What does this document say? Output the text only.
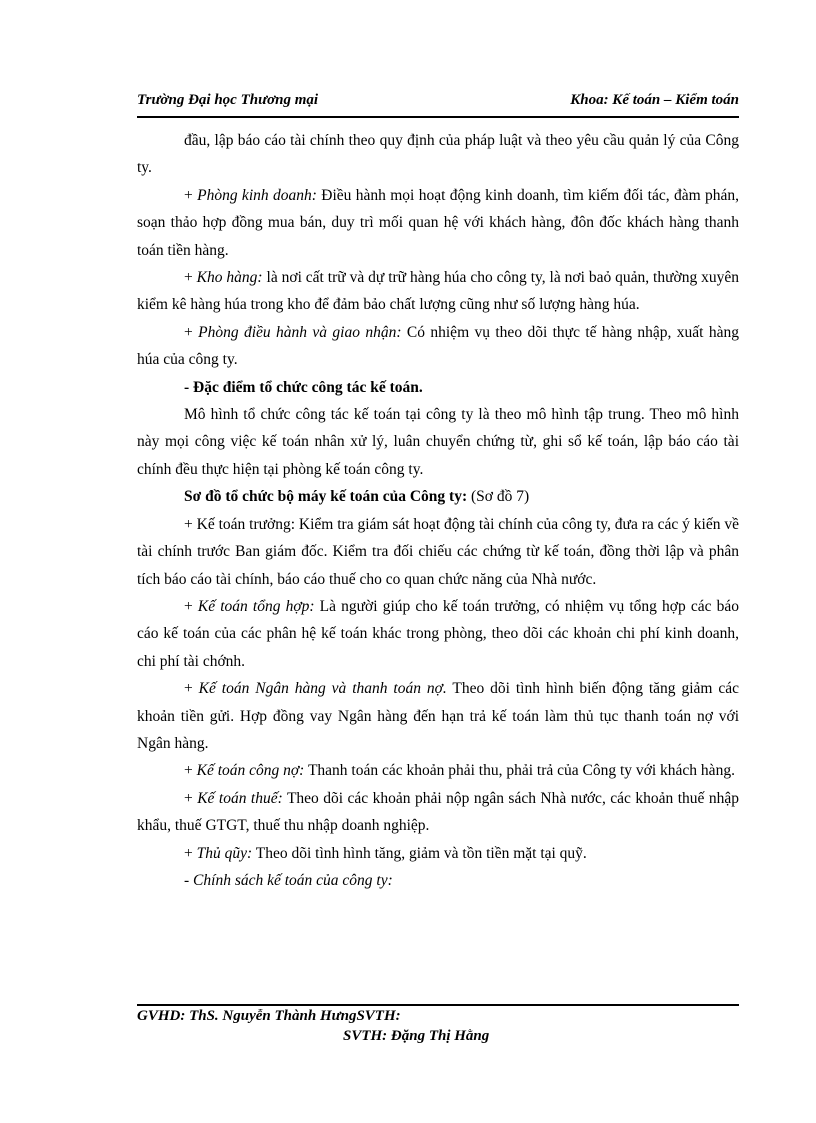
Trường Đại học Thương mại	Khoa: Kế toán – Kiểm toán

đầu, lập báo cáo tài chính theo quy định của pháp luật và theo yêu cầu quản lý của Công ty.

+ Phòng kinh doanh: Điều hành mọi hoạt động kinh doanh, tìm kiếm đối tác, đàm phán, soạn thảo hợp đồng mua bán, duy trì mối quan hệ với khách hàng, đôn đốc khách hàng thanh toán tiền hàng.

+ Kho hàng: là nơi cất trữ và dự trữ hàng húa cho công ty, là nơi baỏ quản, thường xuyên kiểm kê hàng húa trong kho để đảm bảo chất lượng cũng như số lượng hàng húa.

+ Phòng điều hành và giao nhận: Có nhiệm vụ theo dõi thực tế hàng nhập, xuất hàng húa của công ty.

- Đặc điểm tổ chức công tác kế toán.

Mô hình tổ chức công tác kế toán tại công ty là theo mô hình tập trung. Theo mô hình này mọi công việc kế toán nhân xử lý, luân chuyển chứng từ, ghi sổ kế toán, lập báo cáo tài chính đều thực hiện tại phòng kế toán công ty.

Sơ đồ tổ chức bộ máy kế toán của Công ty: (Sơ đồ 7)

+ Kế toán trưởng: Kiểm tra giám sát hoạt động tài chính của công ty, đưa ra các ý kiến về tài chính trước Ban giám đốc. Kiểm tra đối chiếu các chứng từ kế toán, đồng thời lập và phân tích báo cáo tài chính, báo cáo thuế cho co quan chức năng của Nhà nước.

+ Kế toán tổng hợp: Là người giúp cho kế toán trưởng, có nhiệm vụ tổng hợp các báo cáo kế toán của các phân hệ kế toán khác trong phòng, theo dõi các khoản chi phí kinh doanh, chi phí tài chớnh.

+ Kế toán Ngân hàng và thanh toán nợ. Theo dõi tình hình biến động tăng giảm các khoản tiền gửi. Hợp đồng vay Ngân hàng đến hạn trả kế toán làm thủ tục thanh toán nợ với Ngân hàng.

+ Kế toán công nợ: Thanh toán các khoản phải thu, phải trả của Công ty với khách hàng.

+ Kế toán thuế: Theo dõi các khoản phải nộp ngân sách Nhà nước, các khoản thuế nhập khẩu, thuế GTGT, thuế thu nhập doanh nghiệp.

+ Thủ qũy: Theo dõi tình hình tăng, giảm và tồn tiền mặt tại quỹ.

- Chính sách kế toán của công ty:

GVHD: ThS. Nguyễn Thành HưngSVTH:
SVTH: Đặng Thị Hằng
